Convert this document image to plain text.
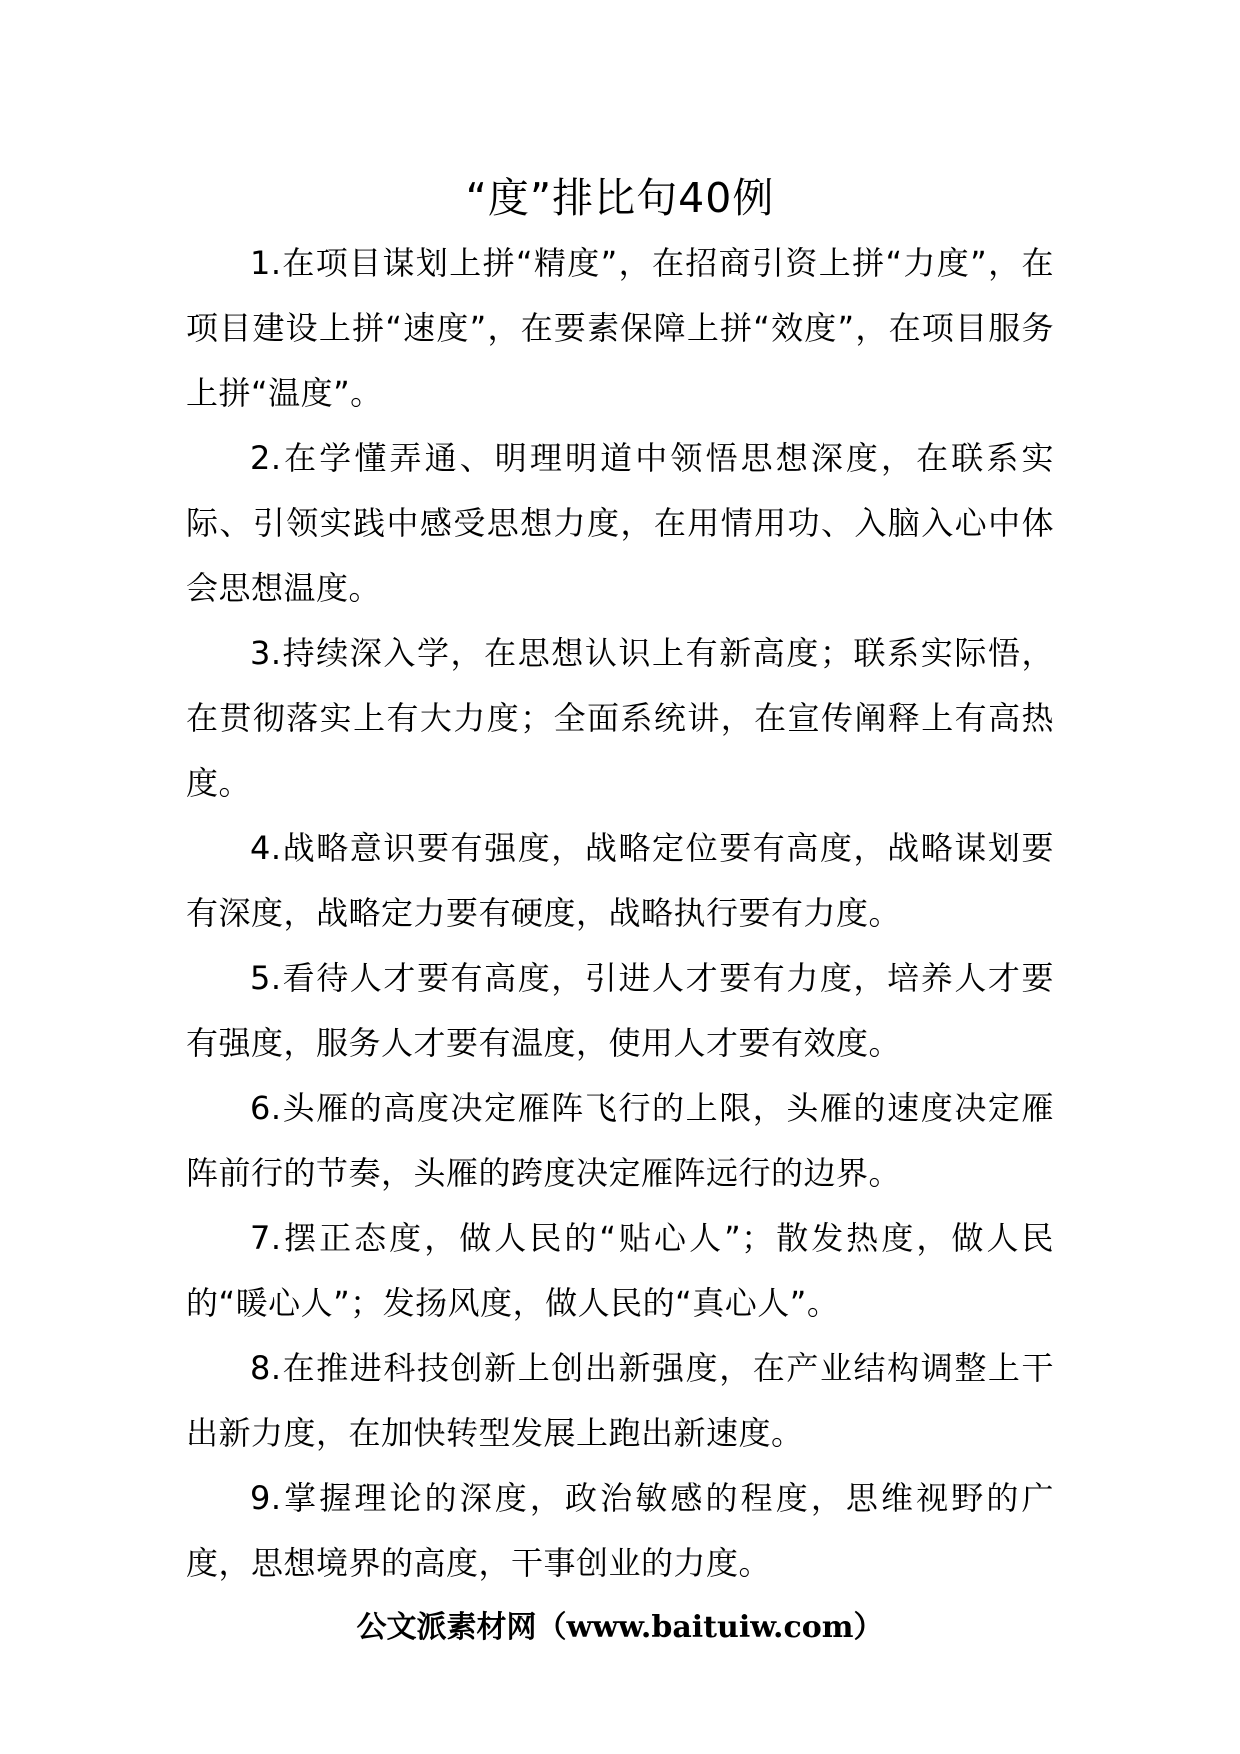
“度”排比句40例

1.在项目谋划上拼“精度”，在招商引资上拼“力度”，在项目建设上拼“速度”，在要素保障上拼“效度”，在项目服务上拼“温度”。

2.在学懂弄通、明理明道中领悟思想深度，在联系实际、引领实践中感受思想力度，在用情用功、入脑入心中体会思想温度。

3.持续深入学，在思想认识上有新高度；联系实际悟，在贯彻落实上有大力度；全面系统讲，在宣传阐释上有高热度。

4.战略意识要有强度，战略定位要有高度，战略谋划要有深度，战略定力要有硬度，战略执行要有力度。

5.看待人才要有高度，引进人才要有力度，培养人才要有强度，服务人才要有温度，使用人才要有效度。

6.头雁的高度决定雁阵飞行的上限，头雁的速度决定雁阵前行的节奏，头雁的跨度决定雁阵远行的边界。

7.摆正态度，做人民的“贴心人”；散发热度，做人民的“暖心人”；发扬风度，做人民的“真心人”。

8.在推进科技创新上创出新强度，在产业结构调整上干出新力度，在加快转型发展上跑出新速度。

9.掌握理论的深度，政治敏感的程度，思维视野的广度，思想境界的高度，干事创业的力度。

公文派素材网（www.baituiw.com）
